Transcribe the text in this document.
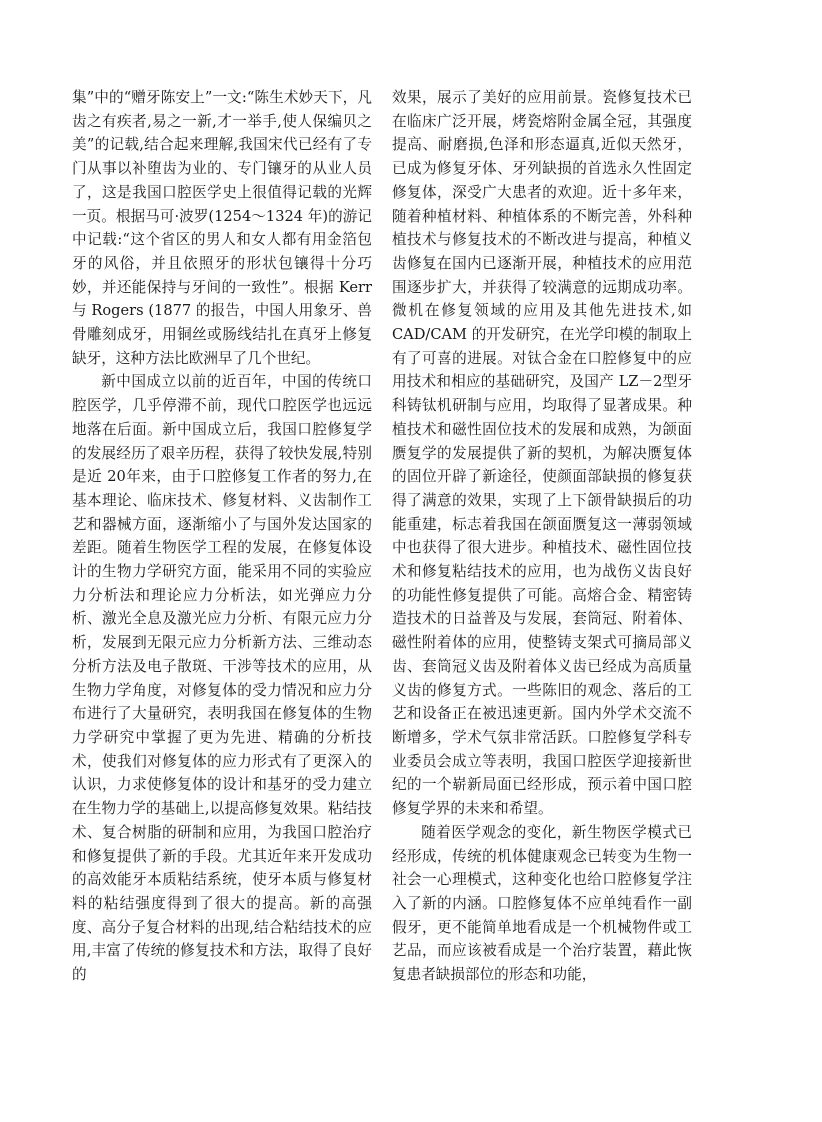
集”中的“赠牙陈安上”一文:“陈生术妙天下，凡齿之有疾者,易之一新,才一举手,使人保编贝之美”的记载,结合起来理解,我国宋代已经有了专门从事以补堕齿为业的、专门镶牙的从业人员了，这是我国口腔医学史上很值得记载的光辉一页。根据马可·波罗(1254～1324 年)的游记中记载:“这个省区的男人和女人都有用金箔包牙的风俗，并且依照牙的形状包镶得十分巧妙，并还能保持与牙间的一致性”。根据 Kerr与 Rogers (1877 的报告，中国人用象牙、兽骨雕刻成牙，用铜丝或肠线结扎在真牙上修复缺牙，这种方法比欧洲早了几个世纪。

新中国成立以前的近百年，中国的传统口腔医学，几乎停滞不前，现代口腔医学也远远地落在后面。新中国成立后，我国口腔修复学的发展经历了艰辛历程，获得了较快发展,特别是近 20年来，由于口腔修复工作者的努力,在基本理论、临床技术、修复材料、义齿制作工艺和器械方面，逐渐缩小了与国外发达国家的差距。随着生物医学工程的发展，在修复体设计的生物力学研究方面，能采用不同的实验应力分析法和理论应力分析法，如光弹应力分析、激光全息及激光应力分析、有限元应力分析，发展到无限元应力分析新方法、三维动态分析方法及电子散斑、干涉等技术的应用，从生物力学角度，对修复体的受力情况和应力分布进行了大量研究，表明我国在修复体的生物力学研究中掌握了更为先进、精确的分析技术，使我们对修复体的应力形式有了更深入的认识，力求使修复体的设计和基牙的受力建立在生物力学的基础上,以提高修复效果。粘结技术、复合树脂的研制和应用，为我国口腔治疗和修复提供了新的手段。尤其近年来开发成功的高效能牙本质粘结系统，使牙本质与修复材料的粘结强度得到了很大的提高。新的高强度、高分子复合材料的出现,结合粘结技术的应用,丰富了传统的修复技术和方法，取得了良好的

效果，展示了美好的应用前景。瓷修复技术已在临床广泛开展，烤瓷熔附金属全冠，其强度提高、耐磨损,色泽和形态逼真,近似天然牙，已成为修复牙体、牙列缺损的首选永久性固定修复体，深受广大患者的欢迎。近十多年来，随着种植材料、种植体系的不断完善，外科种植技术与修复技术的不断改进与提高，种植义齿修复在国内已逐渐开展，种植技术的应用范围逐步扩大，并获得了较满意的远期成功率。微机在修复领域的应用及其他先进技术,如 CAD/CAM 的开发研究，在光学印模的制取上有了可喜的进展。对钛合金在口腔修复中的应用技术和相应的基础研究，及国产 LZ－2型牙科铸钛机研制与应用，均取得了显著成果。种植技术和磁性固位技术的发展和成熟，为颌面赝复学的发展提供了新的契机，为解决赝复体的固位开辟了新途径，使颜面部缺损的修复获得了满意的效果，实现了上下颌骨缺损后的功能重建，标志着我国在颌面赝复这一薄弱领域中也获得了很大进步。种植技术、磁性固位技术和修复粘结技术的应用，也为战伤义齿良好的功能性修复提供了可能。高熔合金、精密铸造技术的日益普及与发展，套筒冠、附着体、磁性附着体的应用，使整铸支架式可摘局部义齿、套筒冠义齿及附着体义齿已经成为高质量义齿的修复方式。一些陈旧的观念、落后的工艺和设备正在被迅速更新。国内外学术交流不断增多，学术气氛非常活跃。口腔修复学科专业委员会成立等表明，我国口腔医学迎接新世纪的一个崭新局面已经形成，预示着中国口腔修复学界的未来和希望。

随着医学观念的变化，新生物医学模式已经形成，传统的机体健康观念已转变为生物一社会一心理模式，这种变化也给口腔修复学注入了新的内涵。口腔修复体不应单纯看作一副假牙，更不能简单地看成是一个机械物件或工艺品，而应该被看成是一个治疗装置，藉此恢复患者缺损部位的形态和功能，
